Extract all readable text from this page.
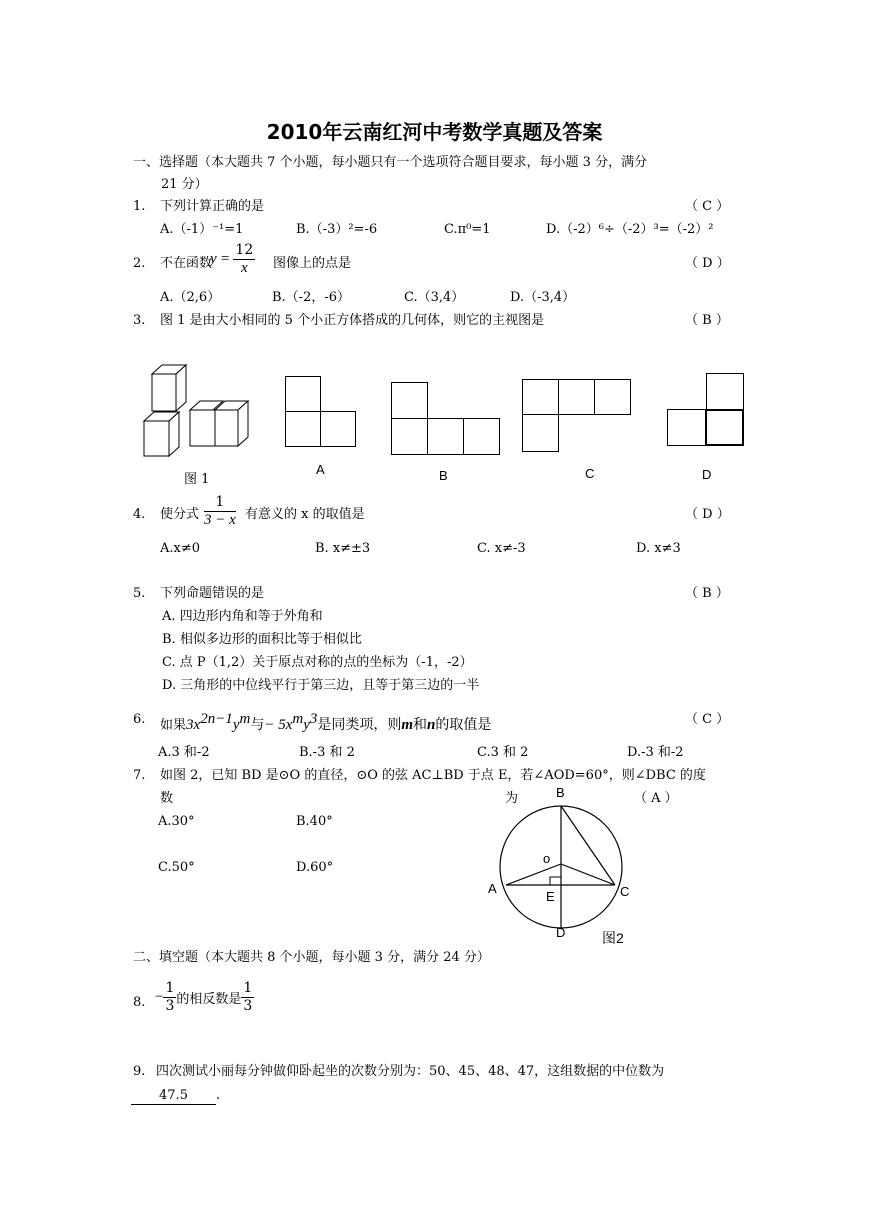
2010年云南红河中考数学真题及答案
一、选择题（本大题共 7 个小题，每小题只有一个选项符合题目要求，每小题 3 分，满分
21 分）
1. 下列计算正确的是	（ C ）
A.（-1）⁻¹=1	B.（-3）²=-6	C.π⁰=1	D.（-2）⁶÷（-2）³=（-2）²
2. 不在函数
$y = \frac{12}{x}$ 图像上的点是	（ D ）
A.（2,6）	B.（-2，-6）	C.（3,4）	D.（-3,4）
3. 图 1 是由大小相同的 5 个小正方体搭成的几何体，则它的主视图是	（ B ）
图 1
A	B	C	D
4. 使分式 $\frac{1}{3 - x}$ 有意义的 x 的取值是	（ D ）
A.x≠0	B. x≠±3	C. x≠-3	D. x≠3
5. 下列命题错误的是	（ B ）
A. 四边形内角和等于外角和
B. 相似多边形的面积比等于相似比
C. 点 P（1,2）关于原点对称的点的坐标为（-1，-2）
D. 三角形的中位线平行于第三边，且等于第三边的一半
6. 如果$3x^{2n-1}y^m$与− $5x^my^3$是同类项，则m和n的取值是	（ C ）
A.3 和-2	B.-3 和 2	C.3 和 2	D.-3 和-2
7. 如图 2，已知 BD 是⊙O 的直径，⊙O 的弦 AC⊥BD 于点 E，若∠AOD=60°，则∠DBC 的度
数	为	（ A ）
A.30°	B.40°
C.50°	D.60°
B
o
A	C
E
D	图2
二、填空题（本大题共 8 个小题，每小题 3 分，满分 24 分）
8. − $\frac{1}{3}$ 的相反数是 $\frac{1}{3}$
9. 四次测试小丽每分钟做仰卧起坐的次数分别为：50、45、48、47，这组数据的中位数为
47.5 .
